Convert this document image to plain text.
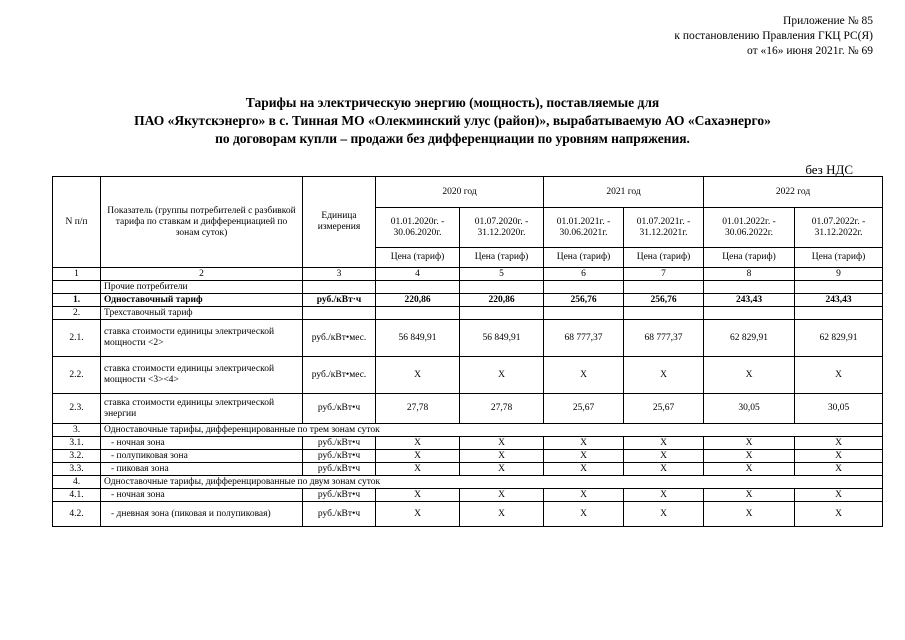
Приложение № 85
к постановлению Правления ГКЦ РС(Я)
от «16» июня 2021г. № 69
Тарифы на электрическую энергию (мощность), поставляемые для
ПАО «Якутскэнерго» в с. Тинная МО «Олекминский улус (район)», вырабатываемую АО «Сахаэнерго»
по договорам купли – продажи без дифференциации по уровням напряжения.
без НДС
N п/п	Показатель (группы потребителей с разбивкой тарифа по ставкам и дифференциацией по зонам суток)	Единица измерения	2020 год		2021 год		2022 год	
			01.01.2020г. - 30.06.2020г.	01.07.2020г. - 31.12.2020г.	01.01.2021г. - 30.06.2021г.	01.07.2021г. - 31.12.2021г.	01.01.2022г. - 30.06.2022г.	01.07.2022г. - 31.12.2022г.
			Цена (тариф)	Цена (тариф)	Цена (тариф)	Цена (тариф)	Цена (тариф)	Цена (тариф)
1	2	3	4	5	6	7	8	9
	Прочие потребители							
1.	Одноставочный тариф	руб./кВт·ч	220,86	220,86	256,76	256,76	243,43	243,43
2.	Трехставочный тариф							
2.1.	ставка стоимости единицы электрической мощности <2>	руб./кВт•мес.	56 849,91	56 849,91	68 777,37	68 777,37	62 829,91	62 829,91
2.2.	ставка стоимости единицы электрической мощности <3><4>	руб./кВт•мес.	Х	Х	Х	Х	Х	Х
2.3.	ставка стоимости единицы электрической энергии	руб./кВт•ч	27,78	27,78	25,67	25,67	30,05	30,05
3.	Одноставочные тарифы, дифференцированные по трем зонам суток							
3.1.	- ночная зона	руб./кВт•ч	Х	Х	Х	Х	Х	Х
3.2.	- полупиковая зона	руб./кВт•ч	Х	Х	Х	Х	Х	Х
3.3.	- пиковая зона	руб./кВт•ч	Х	Х	Х	Х	Х	Х
4.	Одноставочные тарифы, дифференцированные по двум зонам суток							
4.1.	- ночная зона	руб./кВт•ч	Х	Х	Х	Х	Х	Х
4.2.	- дневная зона (пиковая и полупиковая)	руб./кВт•ч	Х	Х	Х	Х	Х	Х
